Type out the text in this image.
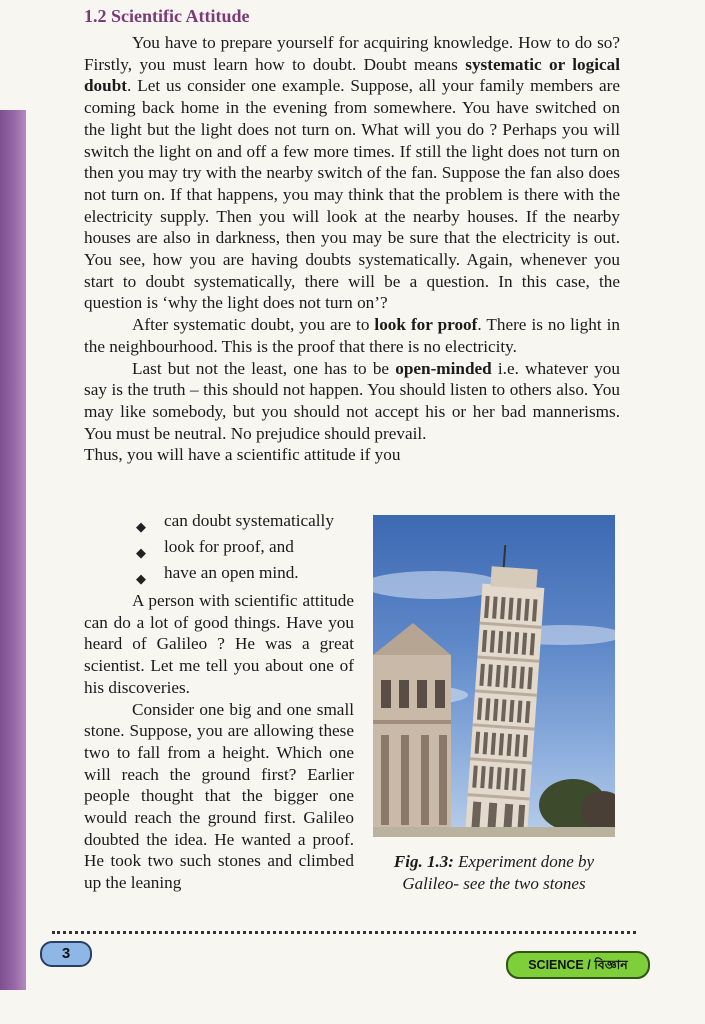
1.2 Scientific Attitude

You have to prepare yourself for acquiring knowledge. How to do so? Firstly, you must learn how to doubt. Doubt means systematic or logical doubt. Let us consider one example. Suppose, all your family members are coming back home in the evening from somewhere. You have switched on the light but the light does not turn on. What will you do ? Perhaps you will switch the light on and off a few more times. If still the light does not turn on then you may try with the nearby switch of the fan. Suppose the fan also does not turn on. If that happens, you may think that the problem is there with the electricity supply. Then you will look at the nearby houses. If the nearby houses are also in darkness, then you may be sure that the electricity is out. You see, how you are having doubts systematically. Again, whenever you start to doubt systematically, there will be a question. In this case, the question is ‘why the light does not turn on’?

After systematic doubt, you are to look for proof. There is no light in the neighbourhood. This is the proof that there is no electricity.

Last but not the least, one has to be open-minded i.e. whatever you say is the truth – this should not happen. You should listen to others also. You may like somebody, but you should not accept his or her bad mannerisms. You must be neutral. No prejudice should prevail.

Thus, you will have a scientific attitude if you

◆ can doubt systematically
◆ look for proof, and
◆ have an open mind.

A person with scientific attitude can do a lot of good things. Have you heard of Galileo ? He was a great scientist. Let me tell you about one of his discoveries.

Consider one big and one small stone. Suppose, you are allowing these two to fall from a height. Which one will reach the ground first? Earlier people thought that the bigger one would reach the ground first. Galileo doubted the idea. He wanted a proof. He took two such stones and climbed up the leaning

Fig. 1.3: Experiment done by Galileo- see the two stones
3
SCIENCE / বিজ্ঞান
